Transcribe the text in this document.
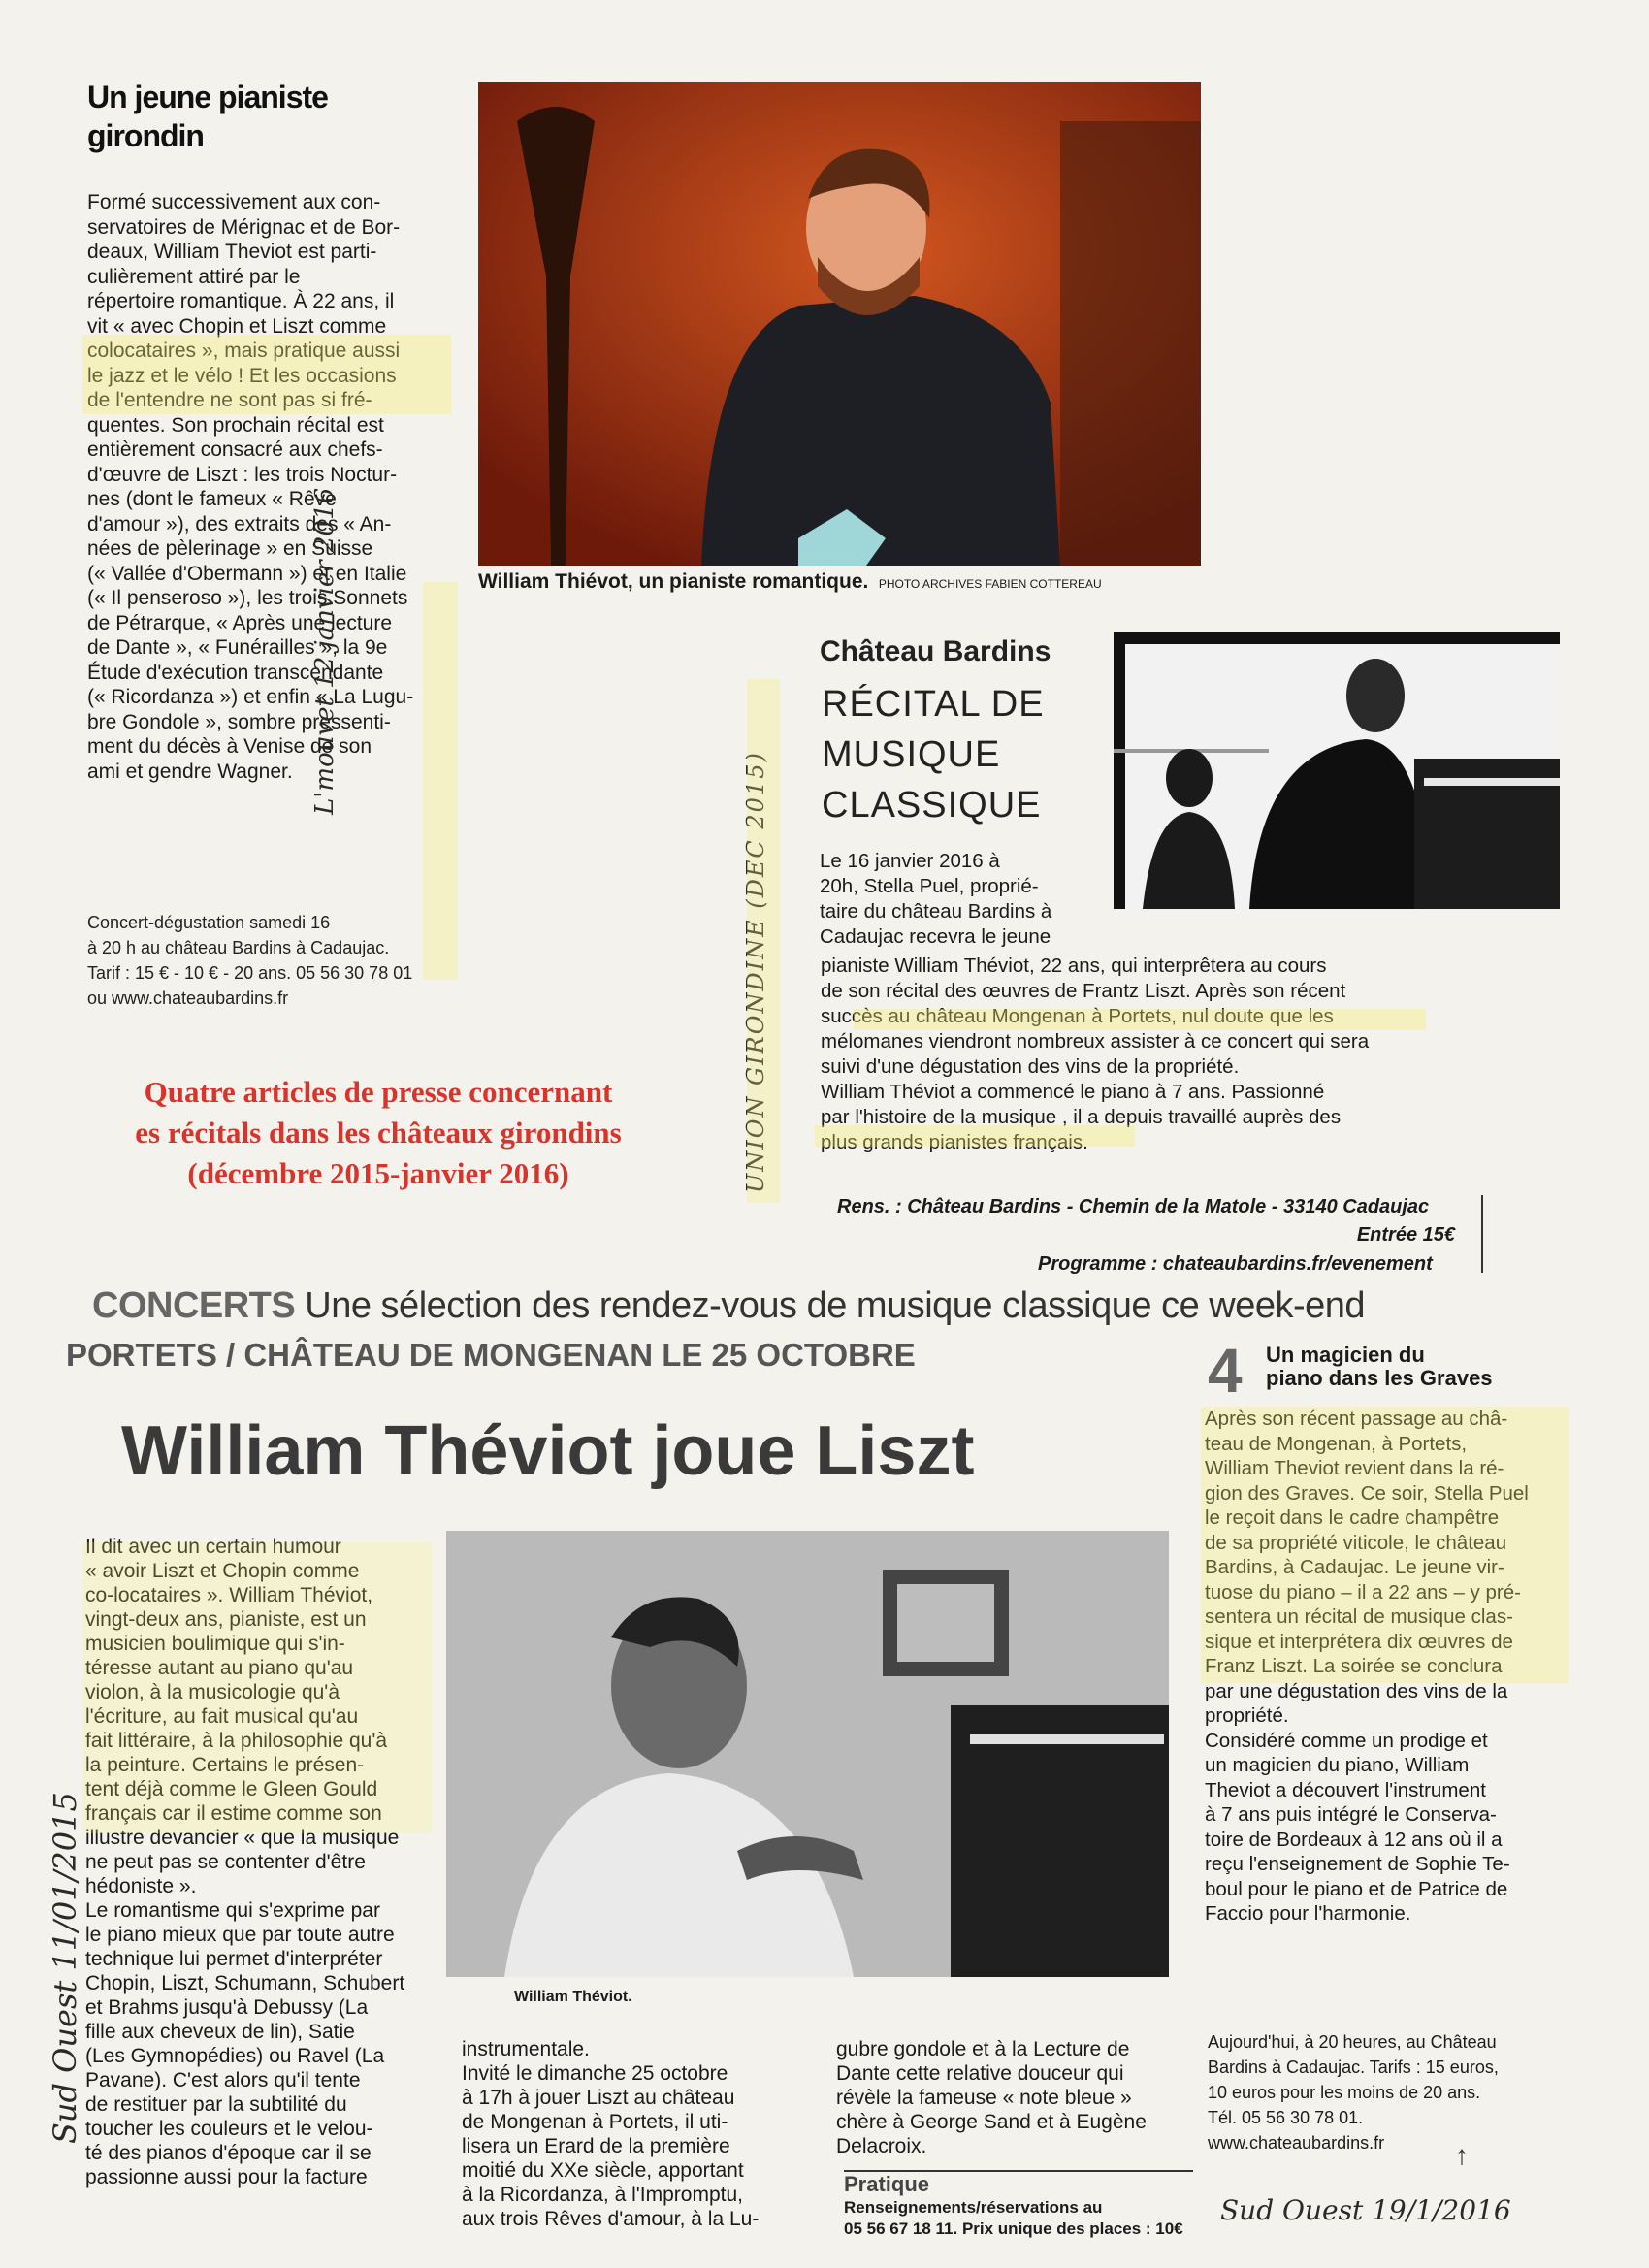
Un jeune pianiste
girondin
Formé successivement aux con-
servatoires de Mérignac et de Bor-
deaux, William Theviot est parti-
culièrement attiré par le
répertoire romantique. À 22 ans, il
vit « avec Chopin et Liszt comme
colocataires », mais pratique aussi
le jazz et le vélo ! Et les occasions
de l'entendre ne sont pas si fré-
quentes. Son prochain récital est
entièrement consacré aux chefs-
d'œuvre de Liszt : les trois Noctur-
nes (dont le fameux « Rêve
d'amour »), des extraits des « An-
nées de pèlerinage » en Suisse
(« Vallée d'Obermann ») et en Italie
(« Il penseroso »), les trois Sonnets
de Pétrarque, « Après une lecture
de Dante », « Funérailles », la 9e
Étude d'exécution transcendante
(« Ricordanza ») et enfin « La Lugu-
bre Gondole », sombre pressenti-
ment du décès à Venise de son
ami et gendre Wagner.
Concert-dégustation samedi 16
à 20 h au château Bardins à Cadaujac.
Tarif : 15 € - 10 € - 20 ans. 05 56 30 78 01
ou www.chateaubardins.fr
William Thiévot, un pianiste romantique. PHOTO ARCHIVES FABIEN COTTEREAU
L'mouvet 12 janvier 2016
Quatre articles de presse concernant
es récitals dans les châteaux girondins
(décembre 2015-janvier 2016)	UNION GIRONDINE (DEC 2015)
Château Bardins
RÉCITAL DE
MUSIQUE
CLASSIQUE
Le 16 janvier 2016 à
20h, Stella Puel, proprié-
taire du château Bardins à
Cadaujac recevra le jeune
pianiste William Théviot, 22 ans, qui interprêtera au cours
de son récital des œuvres de Frantz Liszt. Après son récent
succès au château Mongenan à Portets, nul doute que les
mélomanes viendront nombreux assister à ce concert qui sera
suivi d'une dégustation des vins de la propriété.
William Théviot a commencé le piano à 7 ans. Passionné
par l'histoire de la musique , il a depuis travaillé auprès des
plus grands pianistes français.
Rens. : Château Bardins - Chemin de la Matole - 33140 Cadaujac
Entrée 15€
Programme : chateaubardins.fr/evenement
CONCERTS Une sélection des rendez-vous de musique classique ce week-end
PORTETS / CHÂTEAU DE MONGENAN LE 25 OCTOBRE
William Théviot joue Liszt
Il dit avec un certain humour
« avoir Liszt et Chopin comme
co-locataires ». William Théviot,
vingt-deux ans, pianiste, est un
musicien boulimique qui s'in-
téresse autant au piano qu'au
violon, à la musicologie qu'à
l'écriture, au fait musical qu'au
fait littéraire, à la philosophie qu'à
la peinture. Certains le présen-
tent déjà comme le Gleen Gould
français car il estime comme son
illustre devancier « que la musique
ne peut pas se contenter d'être
hédoniste ».
Le romantisme qui s'exprime par
le piano mieux que par toute autre
technique lui permet d'interpréter
Chopin, Liszt, Schumann, Schubert
et Brahms jusqu'à Debussy (La
fille aux cheveux de lin), Satie
(Les Gymnopédies) ou Ravel (La
Pavane). C'est alors qu'il tente
de restituer par la subtilité du
toucher les couleurs et le velou-
té des pianos d'époque car il se
passionne aussi pour la facture
Sud Ouest 11/01/2015	William Théviot.
instrumentale.
Invité le dimanche 25 octobre
à 17h à jouer Liszt au château
de Mongenan à Portets, il uti-
lisera un Erard de la première
moitié du XXe siècle, apportant
à la Ricordanza, à l'Impromptu,
aux trois Rêves d'amour, à la Lu-
gubre gondole et à la Lecture de
Dante cette relative douceur qui
révèle la fameuse « note bleue »
chère à George Sand et à Eugène
Delacroix.
Pratique
Renseignements/réservations au
05 56 67 18 11. Prix unique des places : 10€
4 Un magicien du
piano dans les Graves
Après son récent passage au châ-
teau de Mongenan, à Portets,
William Theviot revient dans la ré-
gion des Graves. Ce soir, Stella Puel
le reçoit dans le cadre champêtre
de sa propriété viticole, le château
Bardins, à Cadaujac. Le jeune vir-
tuose du piano – il a 22 ans – y pré-
sentera un récital de musique clas-
sique et interprétera dix œuvres de
Franz Liszt. La soirée se conclura
par une dégustation des vins de la
propriété.
Considéré comme un prodige et
un magicien du piano, William
Theviot a découvert l'instrument
à 7 ans puis intégré le Conserva-
toire de Bordeaux à 12 ans où il a
reçu l'enseignement de Sophie Te-
boul pour le piano et de Patrice de
Faccio pour l'harmonie.
Aujourd'hui, à 20 heures, au Château
Bardins à Cadaujac. Tarifs : 15 euros,
10 euros pour les moins de 20 ans.
Tél. 05 56 30 78 01.
www.chateaubardins.fr
Sud Ouest 19/1/2016
↑
